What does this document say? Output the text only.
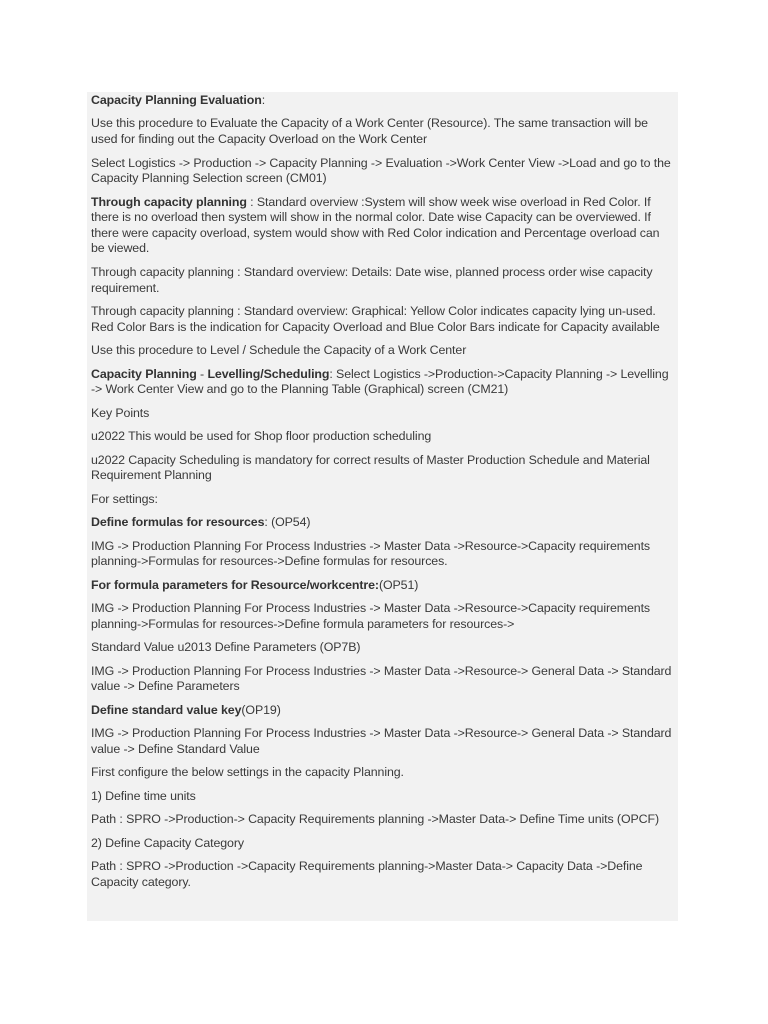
Capacity Planning Evaluation:

Use this procedure to Evaluate the Capacity of a Work Center (Resource). The same transaction will be used for finding out the Capacity Overload on the Work Center

Select Logistics -> Production -> Capacity Planning -> Evaluation ->Work Center View ->Load and go to the Capacity Planning Selection screen (CM01)

Through capacity planning : Standard overview :System will show week wise overload in Red Color. If there is no overload then system will show in the normal color. Date wise Capacity can be overviewed. If there were capacity overload, system would show with Red Color indication and Percentage overload can be viewed.

Through capacity planning : Standard overview: Details: Date wise, planned process order wise capacity requirement.

Through capacity planning : Standard overview: Graphical: Yellow Color indicates capacity lying un-used. Red Color Bars is the indication for Capacity Overload and Blue Color Bars indicate for Capacity available

Use this procedure to Level / Schedule the Capacity of a Work Center

Capacity Planning - Levelling/Scheduling: Select Logistics ->Production->Capacity Planning -> Levelling -> Work Center View and go to the Planning Table (Graphical) screen (CM21)

Key Points

u2022 This would be used for Shop floor production scheduling

u2022 Capacity Scheduling is mandatory for correct results of Master Production Schedule and Material Requirement Planning

For settings:

Define formulas for resources: (OP54)

IMG -> Production Planning For Process Industries -> Master Data ->Resource->Capacity requirements planning->Formulas for resources->Define formulas for resources.

For formula parameters for Resource/workcentre:(OP51)

IMG -> Production Planning For Process Industries -> Master Data ->Resource->Capacity requirements planning->Formulas for resources->Define formula parameters for resources->

Standard Value u2013 Define Parameters (OP7B)

IMG -> Production Planning For Process Industries -> Master Data ->Resource-> General Data -> Standard value -> Define Parameters

Define standard value key(OP19)

IMG -> Production Planning For Process Industries -> Master Data ->Resource-> General Data -> Standard value -> Define Standard Value

First configure the below settings in the capacity Planning.

1) Define time units

Path : SPRO ->Production-> Capacity Requirements planning ->Master Data-> Define Time units (OPCF)

2) Define Capacity Category

Path : SPRO ->Production ->Capacity Requirements planning->Master Data-> Capacity Data ->Define Capacity category.
